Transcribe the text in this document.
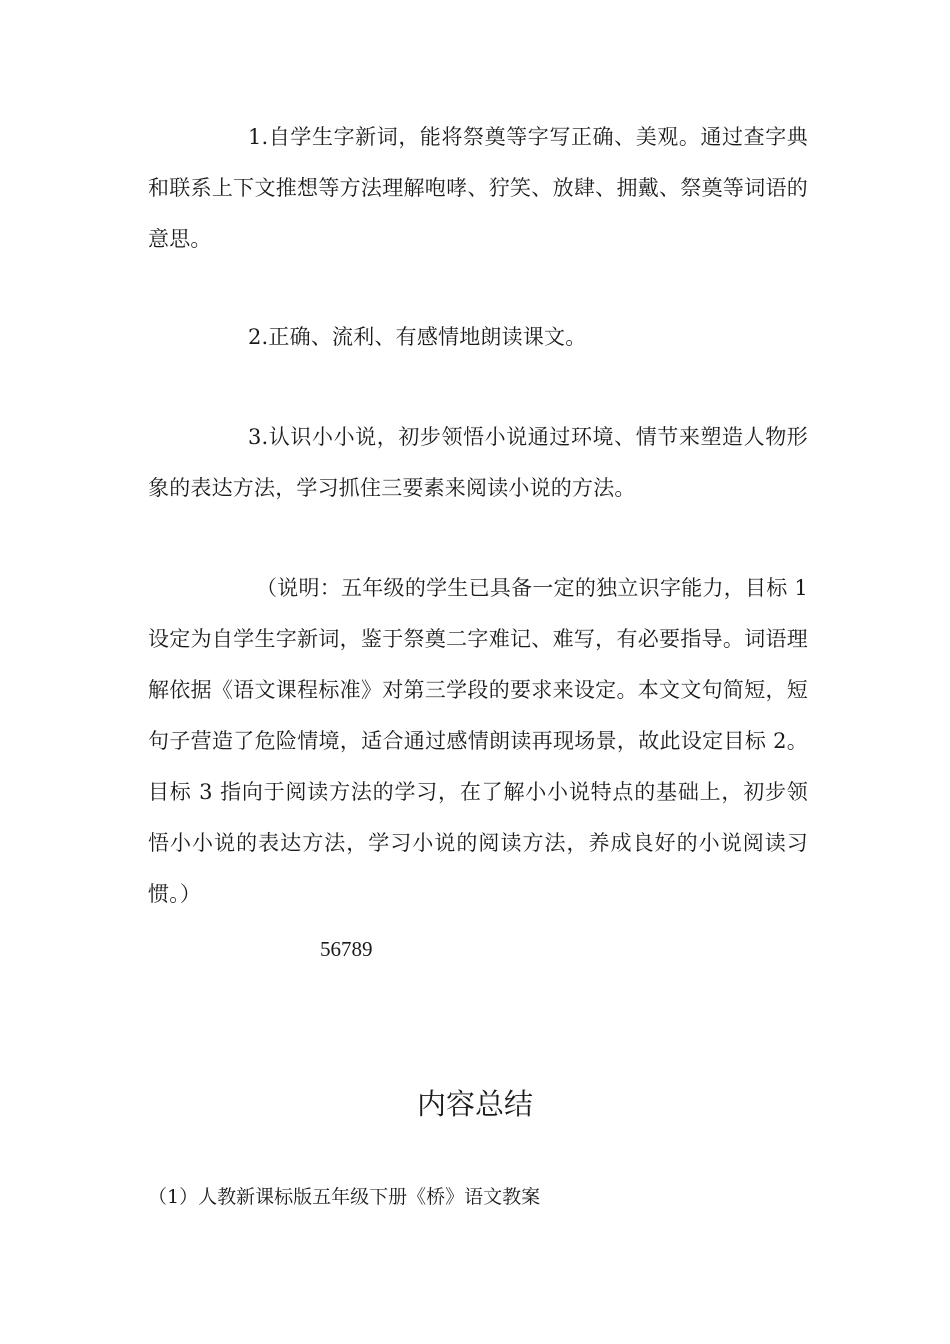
1.自学生字新词，能将祭奠等字写正确、美观。通过查字典和联系上下文推想等方法理解咆哮、狞笑、放肆、拥戴、祭奠等词语的意思。

2.正确、流利、有感情地朗读课文。

3.认识小小说，初步领悟小说通过环境、情节来塑造人物形象的表达方法，学习抓住三要素来阅读小说的方法。

（说明：五年级的学生已具备一定的独立识字能力，目标 1 设定为自学生字新词，鉴于祭奠二字难记、难写，有必要指导。词语理解依据《语文课程标准》对第三学段的要求来设定。本文文句简短，短句子营造了危险情境，适合通过感情朗读再现场景，故此设定目标 2。目标 3 指向于阅读方法的学习，在了解小小说特点的基础上，初步领悟小小说的表达方法，学习小说的阅读方法，养成良好的小说阅读习惯。）

56789
内容总结

（1）人教新课标版五年级下册《桥》语文教案
